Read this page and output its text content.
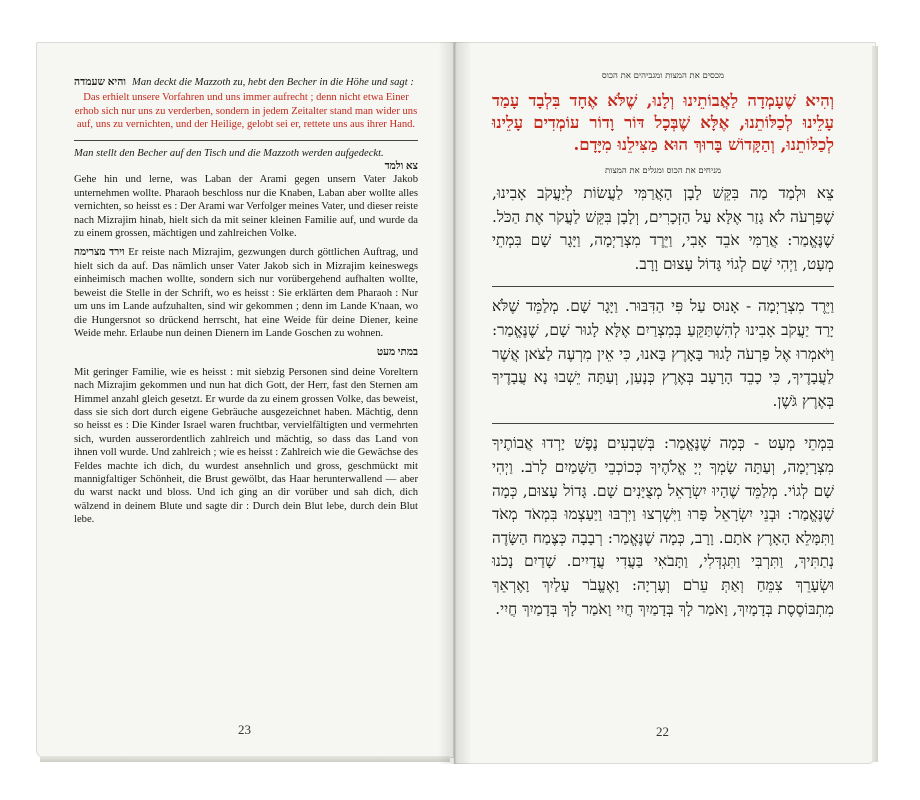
והיא שעמדה Man deckt die Mazzoth zu, hebt den Becher in die Höhe und sagt :
Das erhielt unsere Vorfahren und uns immer aufrecht ; denn nicht etwa Einer erhob sich nur uns zu verderben, sondern in jedem Zeitalter stand man wider uns auf, uns zu vernichten, und der Heilige, gelobt sei er, rettete uns aus ihrer Hand.
Man stellt den Becher auf den Tisch und die Mazzoth werden aufgedeckt.
צא ולמד
Gehe hin und lerne, was Laban der Arami gegen unsern Vater Jakob unternehmen wollte. Pharaoh beschloss nur die Knaben, Laban aber wollte alles vernichten, so heisst es : Der Arami war Verfolger meines Vater, und dieser reiste nach Mizrajim hinab, hielt sich da mit seiner kleinen Familie auf, und wurde da zu einem grossen, mächtigen und zahlreichen Volke.
וירד מצרימה Er reiste nach Mizrajim, gezwungen durch göttlichen Auftrag, und hielt sich da auf. Das nämlich unser Vater Jakob sich in Mizrajim keineswegs einheimisch machen wollte, sondern sich nur vorübergehend aufhalten wollte, beweist die Stelle in der Schrift, wo es heisst : Sie erklärten dem Pharaoh : Nur um uns im Lande aufzuhalten, sind wir gekommen ; denn im Lande K'naan, wo die Hungersnot so drückend herrscht, hat eine Weide für deine Diener, keine Weide mehr. Erlaube nun deinen Dienern im Lande Goschen zu wohnen.
במתי מעט
Mit geringer Familie, wie es heisst : mit siebzig Personen sind deine Voreltern nach Mizrajim gekommen und nun hat dich Gott, der Herr, fast den Sternen am Himmel anzahl gleich gesetzt. Er wurde da zu einem grossen Volke, das beweist, dass sie sich dort durch eigene Gebräuche ausgezeichnet haben. Mächtig, denn so heisst es : Die Kinder Israel waren fruchtbar, vervielfältigten und vermehrten sich, wurden ausserordentlich zahlreich und mächtig, so dass das Land von ihnen voll wurde. Und zahlreich ; wie es heisst : Zahlreich wie die Gewächse des Feldes machte ich dich, du wurdest ansehnlich und gross, geschmückt mit mannigfaltiger Schönheit, die Brust gewölbt, das Haar herunterwallend — aber du warst nackt und bloss. Und ich ging an dir vorüber und sah dich, dich wälzend in deinem Blute und sagte dir : Durch dein Blut lebe, durch dein Blut lebe.
23
מכסים את המצות ומגביהים את הכוס
וְהִיא שֶׁעָמְדָה לַאֲבוֹתֵינוּ וְלָנוּ, שֶׁלֹּא אֶחָד בִּלְבָד עָמַד עָלֵינוּ לְכַלּוֹתֵנוּ, אֶלָּא שֶׁבְּכָל דּוֹר וָדוֹר עוֹמְדִים עָלֵינוּ לְכַלּוֹתֵנוּ, וְהַקָּדוֹשׁ בָּרוּךְ הוּא מַצִּילֵנוּ מִיָּדָם.
מניחים את הכוס ומגלים את המצות
צֵא וּלְמַד מַה בִּקֵּשׁ לָבָן הָאֲרַמִּי לַעֲשׂוֹת לְיַעֲקֹב אָבִינוּ, שֶׁפַּרְעֹה לֹא גָזַר אֶלָּא עַל הַזְּכָרִים, וְלָבָן בִּקֵּשׁ לַעֲקֹר אֶת הַכֹּל. שֶׁנֶּאֱמַר: אֲרַמִּי אֹבֵד אָבִי, וַיֵּרֶד מִצְרַיְמָה, וַיָּגָר שָׁם בִּמְתֵי מְעָט, וַיְהִי שָׁם לְגוֹי גָּדוֹל עָצוּם וָרָב.
וַיֵּרֶד מִצְרַיְמָה - אָנוּס עַל פִּי הַדִּבּוּר. וַיָּגָר שָׁם. מְלַמֵּד שֶׁלֹּא יָרַד יַעֲקֹב אָבִינוּ לְהִשְׁתַּקֵּעַ בְּמִצְרַיִם אֶלָּא לָגוּר שָׁם, שֶׁנֶּאֱמַר: וַיֹּאמְרוּ אֶל פַּרְעֹה לָגוּר בָּאָרֶץ בָּאנוּ, כִּי אֵין מִרְעֶה לַצֹּאן אֲשֶׁר לַעֲבָדֶיךָ, כִּי כָבֵד הָרָעָב בְּאֶרֶץ כְּנָעַן, וְעַתָּה יֵשְׁבוּ נָא עֲבָדֶיךָ בְּאֶרֶץ גֹּשֶׁן.
בִּמְתֵי מְעָט - כְּמָה שֶׁנֶּאֱמַר: בְּשִׁבְעִים נֶפֶשׁ יָרְדוּ אֲבוֹתֶיךָ מִצְרָיְמָה, וְעַתָּה שָׂמְךָ יְיָ אֱלֹהֶיךָ כְּכוֹכְבֵי הַשָּׁמַיִם לָרֹב. וַיְהִי שָׁם לְגוֹי. מְלַמֵּד שֶׁהָיוּ יִשְׂרָאֵל מְצֻיָּנִים שָׁם. גָּדוֹל עָצוּם, כְּמָה שֶׁנֶּאֱמַר: וּבְנֵי יִשְׂרָאֵל פָּרוּ וַיִּשְׁרְצוּ וַיִּרְבּוּ וַיַּעַצְמוּ בִּמְאֹד מְאֹד וַתִּמָּלֵא הָאָרֶץ אֹתָם. וָרָב, כְּמָה שֶׁנֶּאֱמַר: רְבָבָה כְּצֶמַח הַשָּׂדֶה נְתַתִּיךְ, וַתִּרְבִּי וַתִּגְדְּלִי, וַתָּבֹאִי בַּעֲדִי עֲדָיִים. שָׁדַיִם נָכֹנוּ וּשְׂעָרֵךְ צִמֵּחַ וְאַתְּ עֵרֹם וְעֶרְיָה: וָאֶעֱבֹר עָלַיִךְ וָאֶרְאֵךְ מִתְבּוֹסֶסֶת בְּדָמָיִךְ, וָאֹמַר לָךְ בְּדָמַיִךְ חֲיִי וָאֹמַר לָךְ בְּדָמַיִךְ חֲיִי.
22
